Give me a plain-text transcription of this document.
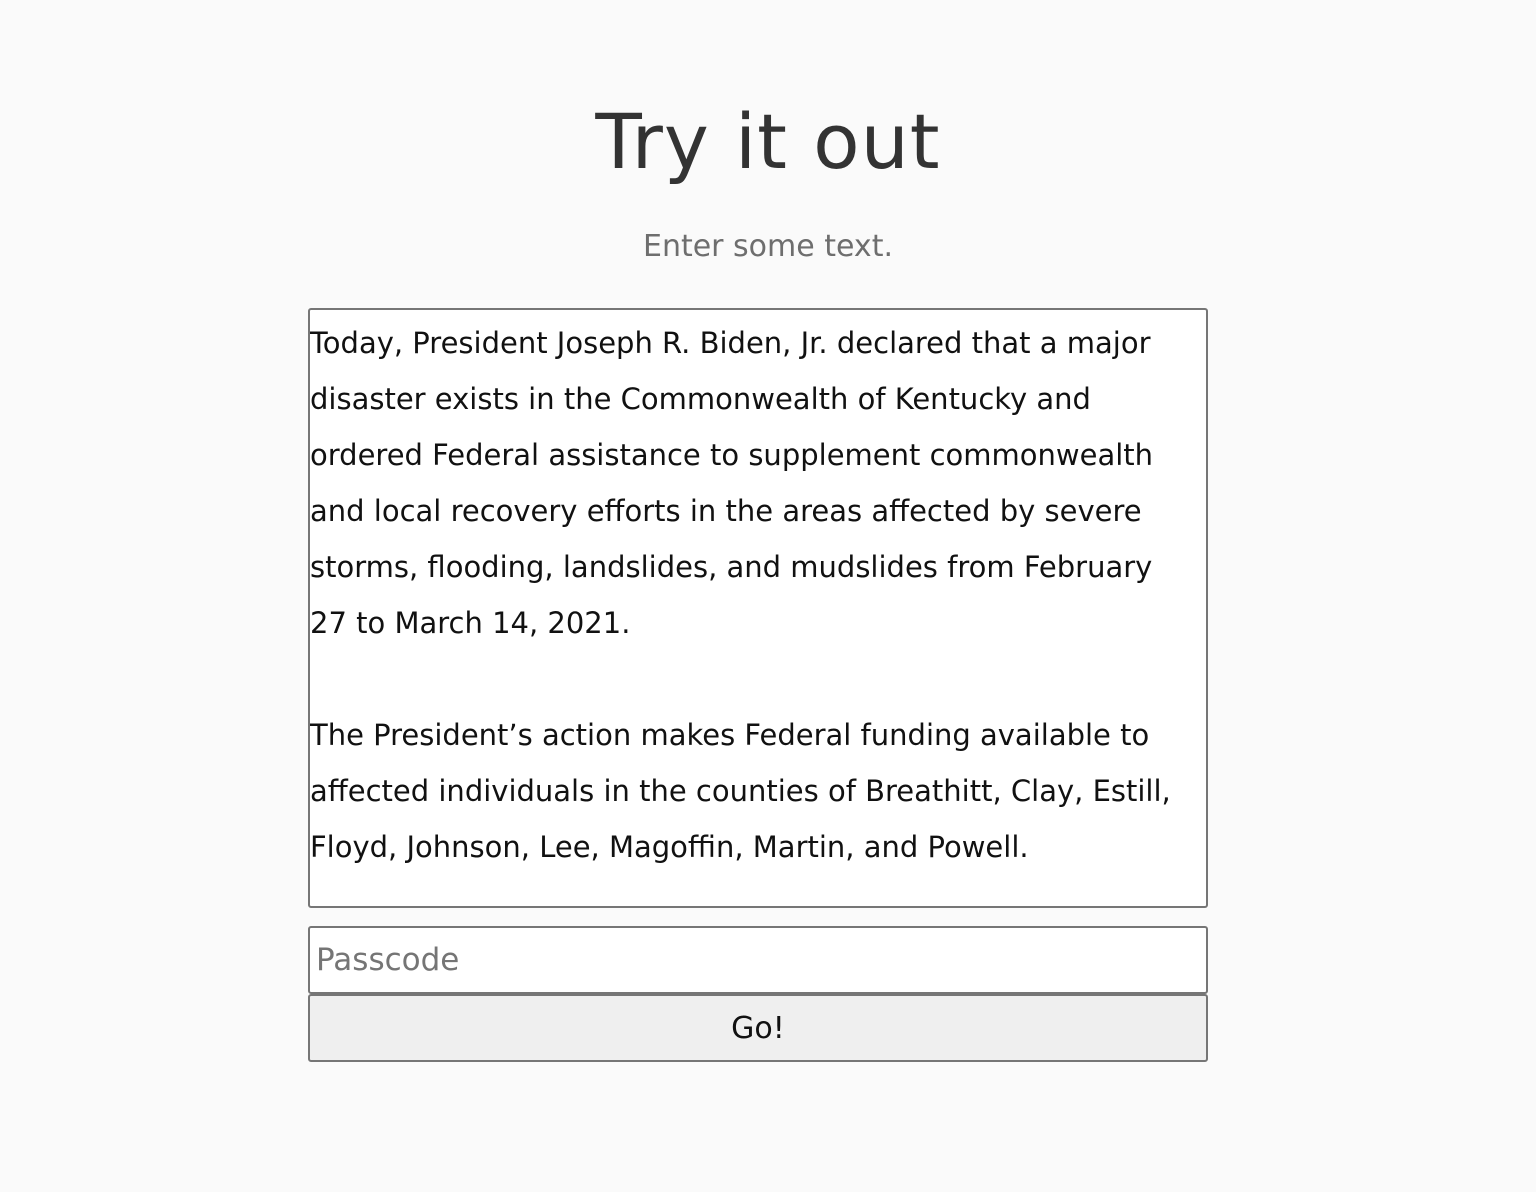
Try it out

Enter some text.

Today, President Joseph R. Biden, Jr. declared that a major disaster exists in the Commonwealth of Kentucky and ordered Federal assistance to supplement commonwealth and local recovery efforts in the areas affected by severe storms, flooding, landslides, and mudslides from February 27 to March 14, 2021. The President’s action makes Federal funding available to affected individuals in the counties of Breathitt, Clay, Estill, Floyd, Johnson, Lee, Magoffin, Martin, and Powell.
Passcode
Go!
